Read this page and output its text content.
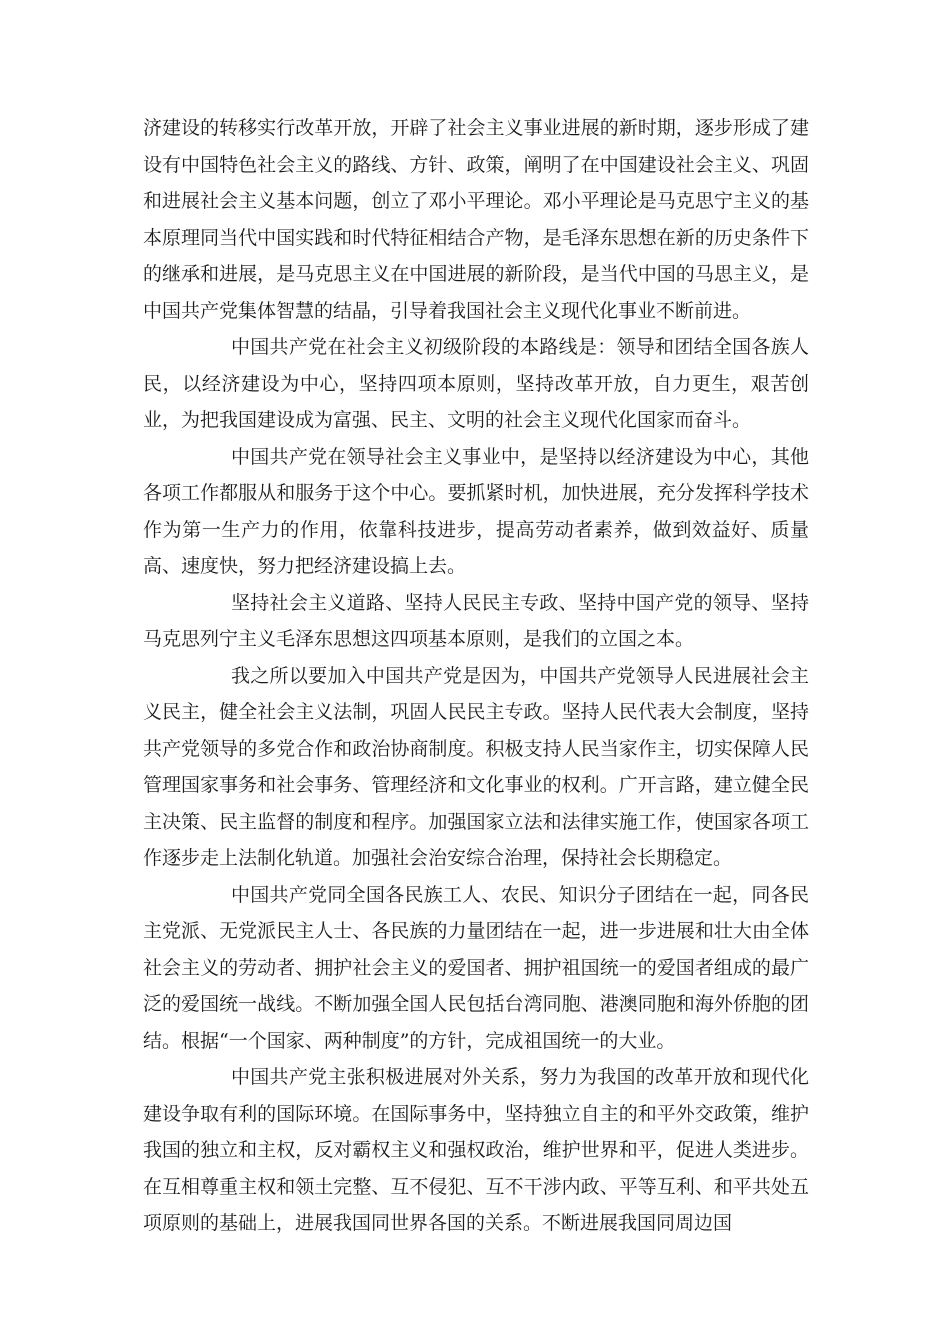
济建设的转移实行改革开放，开辟了社会主义事业进展的新时期，逐步形成了建设有中国特色社会主义的路线、方针、政策，阐明了在中国建设社会主义、巩固和进展社会主义基本问题，创立了邓小平理论。邓小平理论是马克思宁主义的基本原理同当代中国实践和时代特征相结合产物，是毛泽东思想在新的历史条件下的继承和进展，是马克思主义在中国进展的新阶段，是当代中国的马思主义，是中国共产党集体智慧的结晶，引导着我国社会主义现代化事业不断前进。

中国共产党在社会主义初级阶段的本路线是：领导和团结全国各族人民，以经济建设为中心，坚持四项本原则，坚持改革开放，自力更生，艰苦创业，为把我国建设成为富强、民主、文明的社会主义现代化国家而奋斗。

中国共产党在领导社会主义事业中，是坚持以经济建设为中心，其他各项工作都服从和服务于这个中心。要抓紧时机，加快进展，充分发挥科学技术作为第一生产力的作用，依靠科技进步，提高劳动者素养，做到效益好、质量高、速度快，努力把经济建设搞上去。

坚持社会主义道路、坚持人民民主专政、坚持中国产党的领导、坚持马克思列宁主义毛泽东思想这四项基本原则，是我们的立国之本。

我之所以要加入中国共产党是因为，中国共产党领导人民进展社会主义民主，健全社会主义法制，巩固人民民主专政。坚持人民代表大会制度，坚持共产党领导的多党合作和政治协商制度。积极支持人民当家作主，切实保障人民管理国家事务和社会事务、管理经济和文化事业的权利。广开言路，建立健全民主决策、民主监督的制度和程序。加强国家立法和法律实施工作，使国家各项工作逐步走上法制化轨道。加强社会治安综合治理，保持社会长期稳定。

中国共产党同全国各民族工人、农民、知识分子团结在一起，同各民主党派、无党派民主人士、各民族的力量团结在一起，进一步进展和壮大由全体社会主义的劳动者、拥护社会主义的爱国者、拥护祖国统一的爱国者组成的最广泛的爱国统一战线。不断加强全国人民包括台湾同胞、港澳同胞和海外侨胞的团结。根据“一个国家、两种制度”的方针，完成祖国统一的大业。

中国共产党主张积极进展对外关系，努力为我国的改革开放和现代化建设争取有利的国际环境。在国际事务中，坚持独立自主的和平外交政策，维护我国的独立和主权，反对霸权主义和强权政治，维护世界和平，促进人类进步。在互相尊重主权和领土完整、互不侵犯、互不干涉内政、平等互利、和平共处五项原则的基础上，进展我国同世界各国的关系。不断进展我国同周边国
